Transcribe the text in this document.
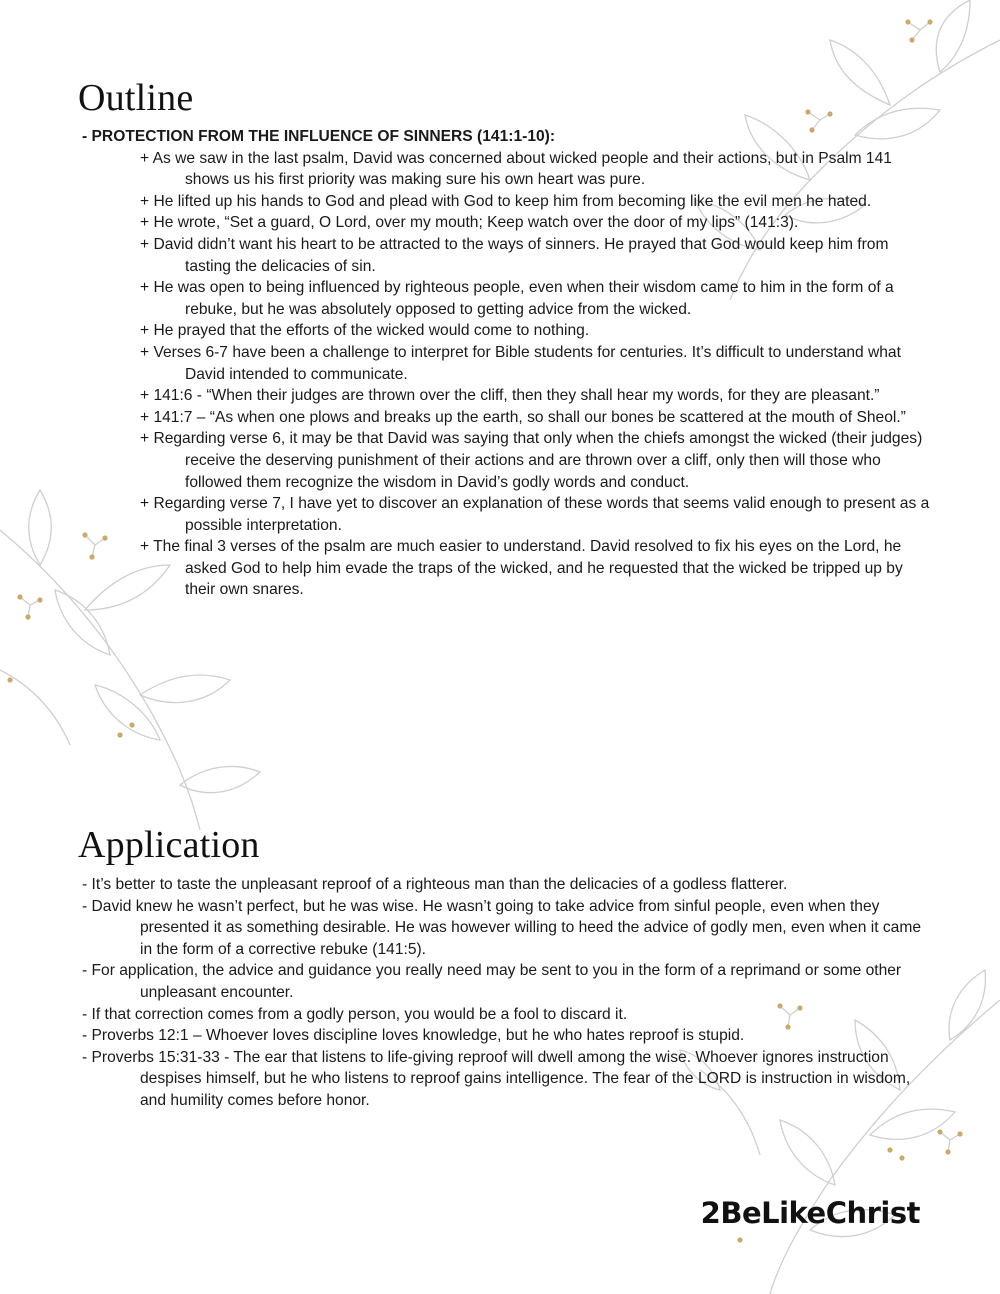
Outline

- PROTECTION FROM THE INFLUENCE OF SINNERS (141:1-10):

+ As we saw in the last psalm, David was concerned about wicked people and their actions, but in Psalm 141 shows us his first priority was making sure his own heart was pure.
+ He lifted up his hands to God and plead with God to keep him from becoming like the evil men he hated.
+ He wrote, “Set a guard, O Lord, over my mouth; Keep watch over the door of my lips” (141:3).
+ David didn’t want his heart to be attracted to the ways of sinners. He prayed that God would keep him from tasting the delicacies of sin.
+ He was open to being influenced by righteous people, even when their wisdom came to him in the form of a rebuke, but he was absolutely opposed to getting advice from the wicked.
+ He prayed that the efforts of the wicked would come to nothing.
+ Verses 6-7 have been a challenge to interpret for Bible students for centuries. It’s difficult to understand what David intended to communicate.
+ 141:6 - “When their judges are thrown over the cliff, then they shall hear my words, for they are pleasant.”
+ 141:7 – “As when one plows and breaks up the earth, so shall our bones be scattered at the mouth of Sheol.”
+ Regarding verse 6, it may be that David was saying that only when the chiefs amongst the wicked (their judges) receive the deserving punishment of their actions and are thrown over a cliff, only then will those who followed them recognize the wisdom in David’s godly words and conduct.
+ Regarding verse 7, I have yet to discover an explanation of these words that seems valid enough to present as a possible interpretation.
+ The final 3 verses of the psalm are much easier to understand. David resolved to fix his eyes on the Lord, he asked God to help him evade the traps of the wicked, and he requested that the wicked be tripped up by their own snares.
Application
- It’s better to taste the unpleasant reproof of a righteous man than the delicacies of a godless flatterer.
- David knew he wasn’t perfect, but he was wise. He wasn’t going to take advice from sinful people, even when they presented it as something desirable. He was however willing to heed the advice of godly men, even when it came in the form of a corrective rebuke (141:5).
- For application, the advice and guidance you really need may be sent to you in the form of a reprimand or some other unpleasant encounter.
- If that correction comes from a godly person, you would be a fool to discard it.
- Proverbs 12:1 – Whoever loves discipline loves knowledge, but he who hates reproof is stupid.
- Proverbs 15:31-33 - The ear that listens to life-giving reproof will dwell among the wise. Whoever ignores instruction despises himself, but he who listens to reproof gains intelligence. The fear of the LORD is instruction in wisdom, and humility comes before honor.

2BeLikeChrist
